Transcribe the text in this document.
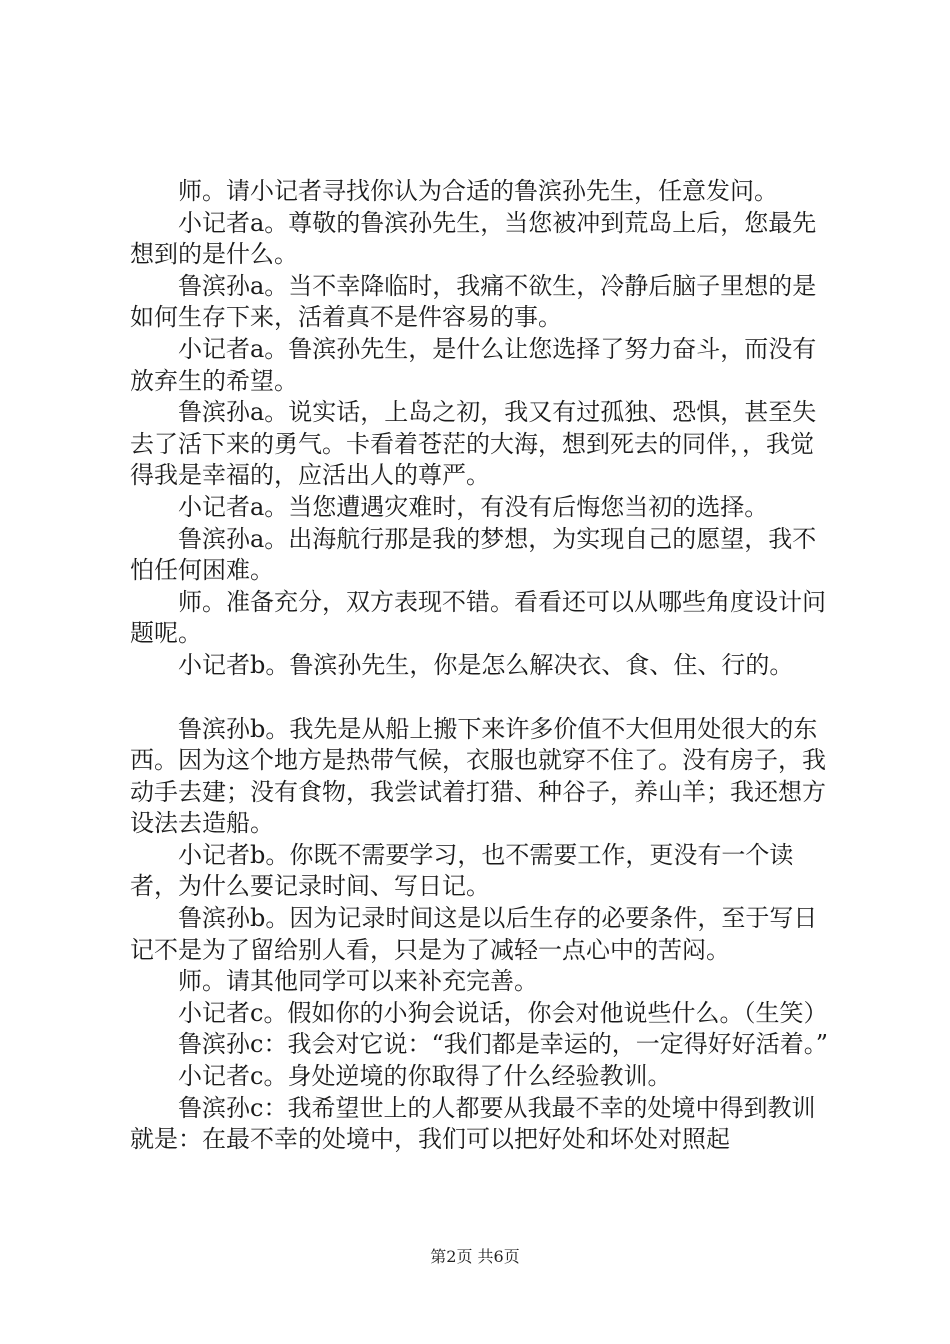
师。请小记者寻找你认为合适的鲁滨孙先生，任意发问。

小记者a。尊敬的鲁滨孙先生，当您被冲到荒岛上后，您最先想到的是什么。

鲁滨孙a。当不幸降临时，我痛不欲生，冷静后脑子里想的是如何生存下来，活着真不是件容易的事。

小记者a。鲁滨孙先生，是什么让您选择了努力奋斗，而没有放弃生的希望。

鲁滨孙a。说实话，上岛之初，我又有过孤独、恐惧，甚至失去了活下来的勇气。卡看着苍茫的大海，想到死去的同伴，，我觉得我是幸福的，应活出人的尊严。

小记者a。当您遭遇灾难时，有没有后悔您当初的选择。

鲁滨孙a。出海航行那是我的梦想，为实现自己的愿望，我不怕任何困难。

师。准备充分，双方表现不错。看看还可以从哪些角度设计问题呢。

小记者b。鲁滨孙先生，你是怎么解决衣、食、住、行的。

鲁滨孙b。我先是从船上搬下来许多价值不大但用处很大的东西。因为这个地方是热带气候，衣服也就穿不住了。没有房子，我动手去建；没有食物，我尝试着打猎、种谷子，养山羊；我还想方设法去造船。

小记者b。你既不需要学习，也不需要工作，更没有一个读者，为什么要记录时间、写日记。

鲁滨孙b。因为记录时间这是以后生存的必要条件，至于写日记不是为了留给别人看，只是为了减轻一点心中的苦闷。

师。请其他同学可以来补充完善。

小记者c。假如你的小狗会说话，你会对他说些什么。（生笑）

鲁滨孙c：我会对它说：“我们都是幸运的，一定得好好活着。”

小记者c。身处逆境的你取得了什么经验教训。

鲁滨孙c：我希望世上的人都要从我最不幸的处境中得到教训就是：在最不幸的处境中，我们可以把好处和坏处对照起

第2页 共6页
